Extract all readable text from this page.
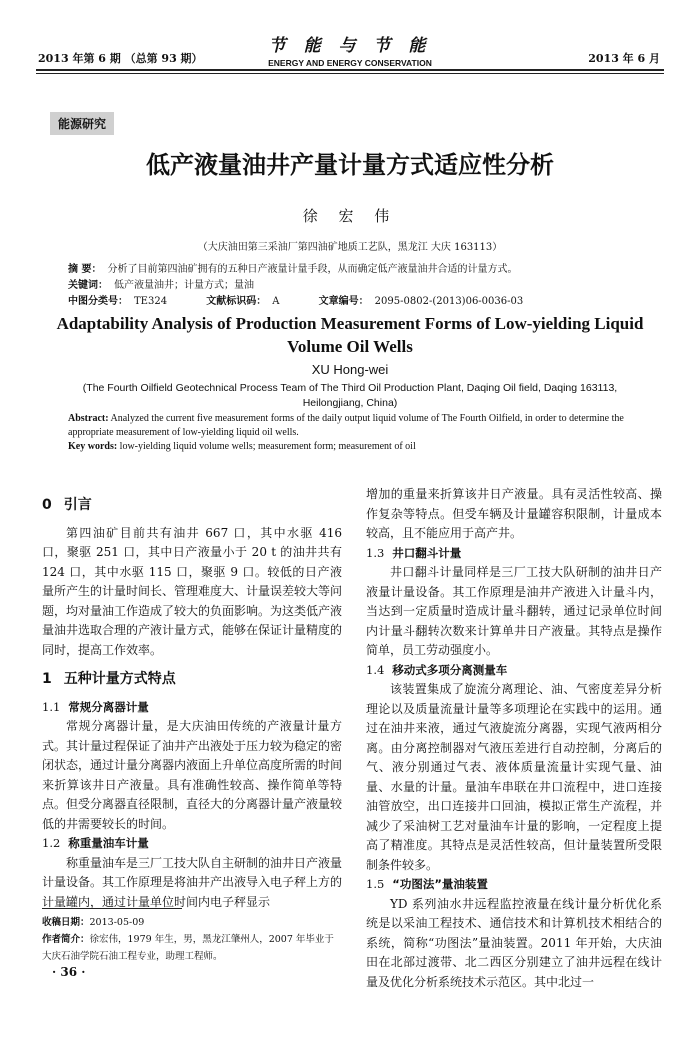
2013 年第 6 期 （总第 93 期）
节 能 与 节 能
ENERGY AND ENERGY CONSERVATION	2013 年 6 月
能源研究
低产液量油井产量计量方式适应性分析
徐 宏 伟
（大庆油田第三采油厂第四油矿地质工艺队，黑龙江 大庆 163113）
摘 要： 分析了目前第四油矿拥有的五种日产液量计量手段，从而确定低产液量油井合适的计量方式。
关键词： 低产液量油井；计量方式；量油
中图分类号： TE324	文献标识码： A	文章编号： 2095-0802-(2013)06-0036-03
Adaptability Analysis of Production Measurement Forms of Low-yielding Liquid Volume Oil Wells
XU Hong-wei
(The Fourth Oilfield Geotechnical Process Team of The Third Oil Production Plant, Daqing Oil field, Daqing 163113, Heilongjiang, China)
Abstract: Analyzed the current five measurement forms of the daily output liquid volume of The Fourth Oilfield, in order to determine the appropriate measurement of low-yielding liquid oil wells.
Key words: low-yielding liquid volume wells; measurement form; measurement of oil
0 引言

第四油矿目前共有油井 667 口，其中水驱 416 口，聚驱 251 口，其中日产液量小于 20 t 的油井共有 124 口，其中水驱 115 口，聚驱 9 口。较低的日产液量所产生的计量时间长、管理难度大、计量误差较大等问题，均对量油工作造成了较大的负面影响。为这类低产液量油井选取合理的产液计量方式，能够在保证计量精度的同时，提高工作效率。

1 五种计量方式特点
1.1 常规分离器计量

常规分离器计量，是大庆油田传统的产液量计量方式。其计量过程保证了油井产出液处于压力较为稳定的密闭状态，通过计量分离器内液面上升单位高度所需的时间来折算该井日产液量。具有准确性较高、操作简单等特点。但受分离器直径限制，直径大的分离器计量产液量较低的井需要较长的时间。

1.2 称重量油车计量

称重量油车是三厂工技大队自主研制的油井日产液量计量设备。其工作原理是将油井产出液导入电子秤上方的计量罐内，通过计量单位时间内电子秤显示

增加的重量来折算该井日产液量。具有灵活性较高、操作复杂等特点。但受车辆及计量罐容积限制，计量成本较高，且不能应用于高产井。

1.3 井口翻斗计量

井口翻斗计量同样是三厂工技大队研制的油井日产液量计量设备。其工作原理是油井产液进入计量斗内，当达到一定质量时造成计量斗翻转，通过记录单位时间内计量斗翻转次数来计算单井日产液量。其特点是操作简单，员工劳动强度小。

1.4 移动式多项分离测量车

该装置集成了旋流分离理论、油、气密度差异分析理论以及质量流量计量等多项理论在实践中的运用。通过在油井来液，通过气液旋流分离器，实现气液两相分离。由分离控制器对气液压差进行自动控制，分离后的气、液分别通过气表、液体质量流量计实现气量、油量、水量的计量。量油车串联在井口流程中，进口连接油管放空，出口连接井口回油，模拟正常生产流程，并减少了采油树工艺对量油车计量的影响，一定程度上提高了精准度。其特点是灵活性较高，但计量装置所受限制条件较多。

1.5 “功图法”量油装置

YD 系列油水井远程监控液量在线计量分析优化系统是以采油工程技术、通信技术和计算机技术相结合的系统，简称“功图法”量油装置。2011 年开始，大庆油田在北部过渡带、北二西区分别建立了油井远程在线计量及优化分析系统技术示范区。其中北过一

收稿日期：2013-05-09
作者简介：徐宏伟，1979 年生，男，黑龙江肇州人，2007 年毕业于大庆石油学院石油工程专业，助理工程师。
· 36 ·
